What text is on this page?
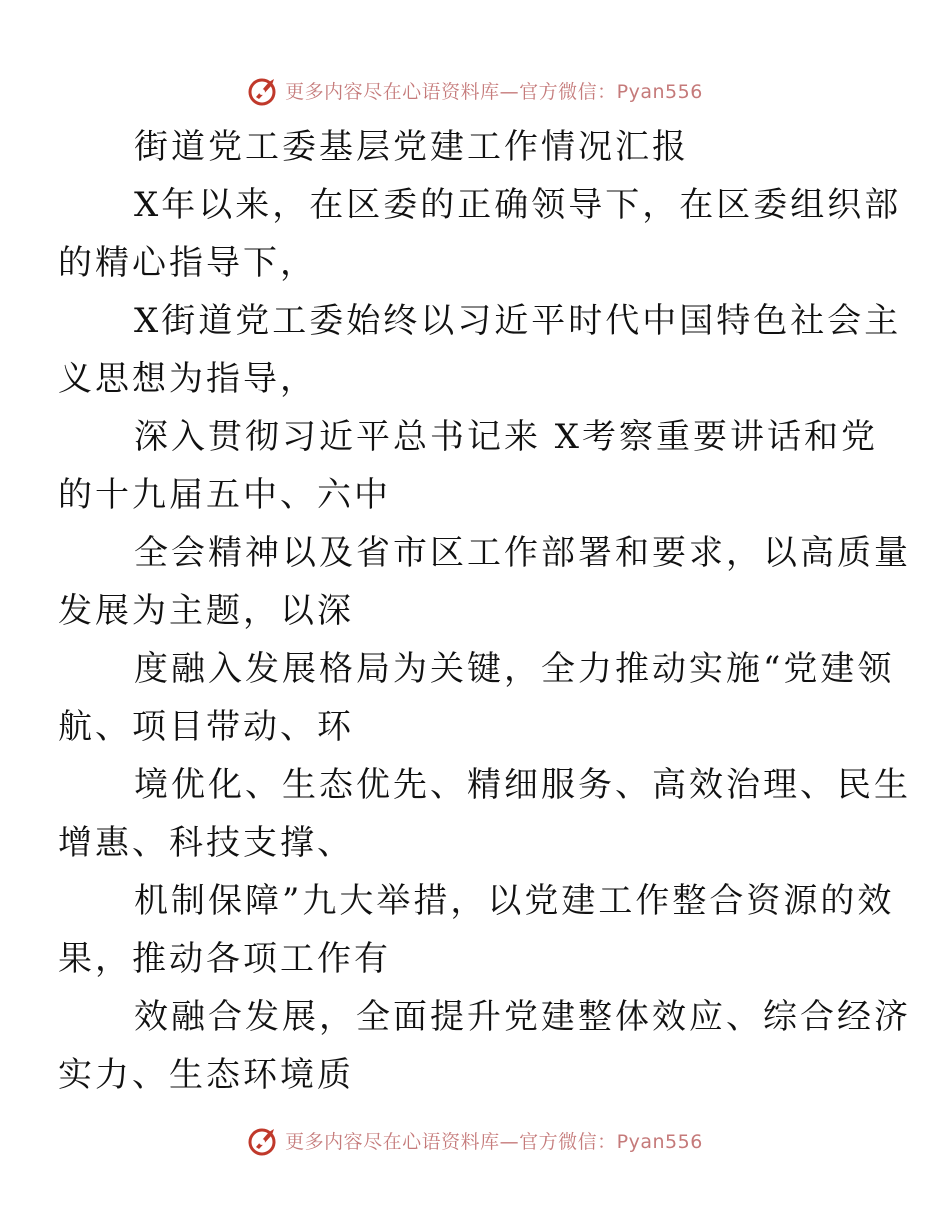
更多内容尽在心语资料库—官方微信：Pyan556

街道党工委基层党建工作情况汇报

X年以来，在区委的正确领导下，在区委组织部
的精心指导下，

X街道党工委始终以习近平时代中国特色社会主
义思想为指导，

深入贯彻习近平总书记来 X考察重要讲话和党
的十九届五中、六中

全会精神以及省市区工作部署和要求，以高质量
发展为主题，以深

度融入发展格局为关键，全力推动实施“党建领
航、项目带动、环

境优化、生态优先、精细服务、高效治理、民生
增惠、科技支撑、

机制保障”九大举措，以党建工作整合资源的效
果，推动各项工作有

效融合发展，全面提升党建整体效应、综合经济
实力、生态环境质

更多内容尽在心语资料库—官方微信：Pyan556
